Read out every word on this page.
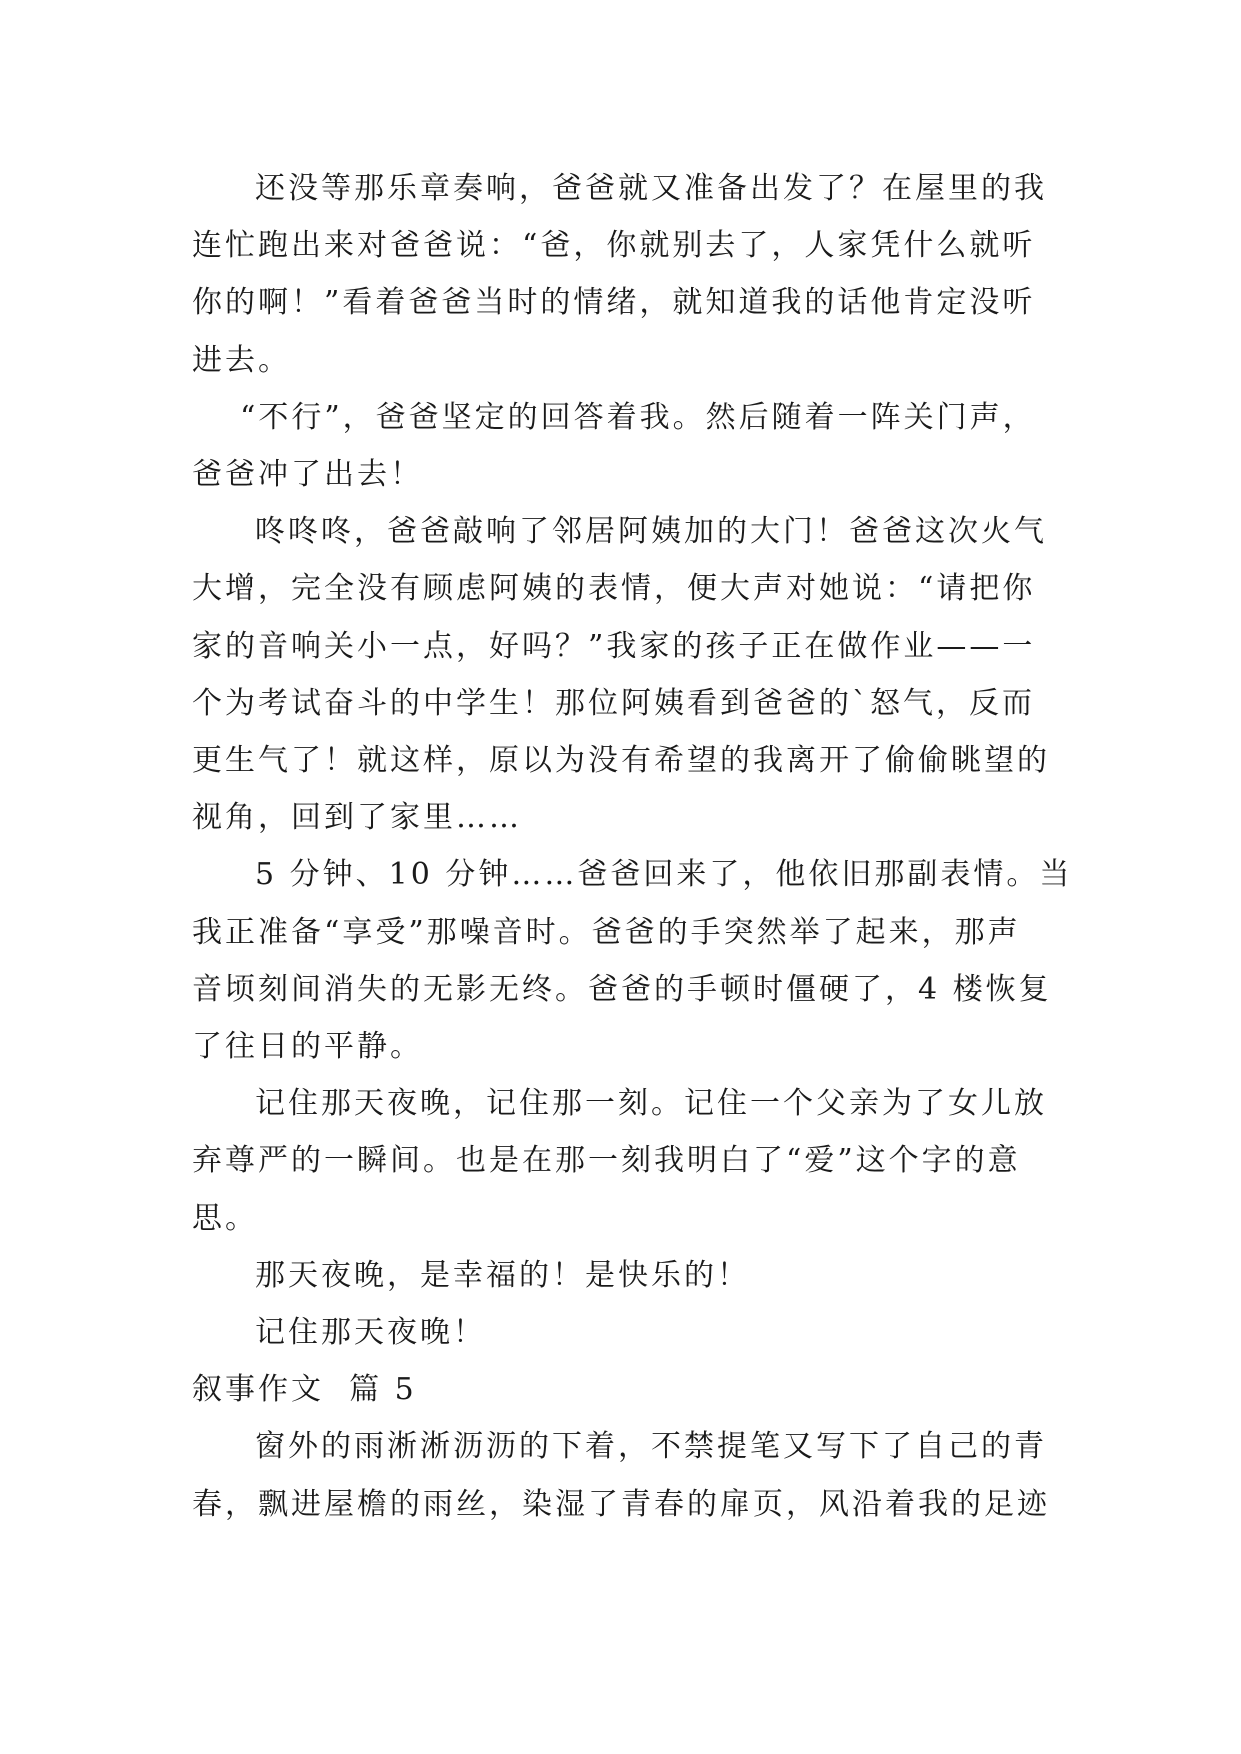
还没等那乐章奏响，爸爸就又准备出发了？在屋里的我
连忙跑出来对爸爸说：“爸，你就别去了，人家凭什么就听
你的啊！”看着爸爸当时的情绪，就知道我的话他肯定没听
进去。

“不行”，爸爸坚定的回答着我。然后随着一阵关门声，
爸爸冲了出去！

咚咚咚，爸爸敲响了邻居阿姨加的大门！爸爸这次火气
大增，完全没有顾虑阿姨的表情，便大声对她说：“请把你
家的音响关小一点，好吗？”我家的孩子正在做作业——一
个为考试奋斗的中学生！那位阿姨看到爸爸的`怒气，反而
更生气了！就这样，原以为没有希望的我离开了偷偷眺望的
视角，回到了家里……

5 分钟、10 分钟……爸爸回来了，他依旧那副表情。当
我正准备“享受”那噪音时。爸爸的手突然举了起来，那声
音顷刻间消失的无影无终。爸爸的手顿时僵硬了，4 楼恢复
了往日的平静。

记住那天夜晚，记住那一刻。记住一个父亲为了女儿放
弃尊严的一瞬间。也是在那一刻我明白了“爱”这个字的意
思。

那天夜晚，是幸福的！是快乐的！

记住那天夜晚！

叙事作文  篇 5

窗外的雨淅淅沥沥的下着，不禁提笔又写下了自己的青
春，飘进屋檐的雨丝，染湿了青春的扉页，风沿着我的足迹
